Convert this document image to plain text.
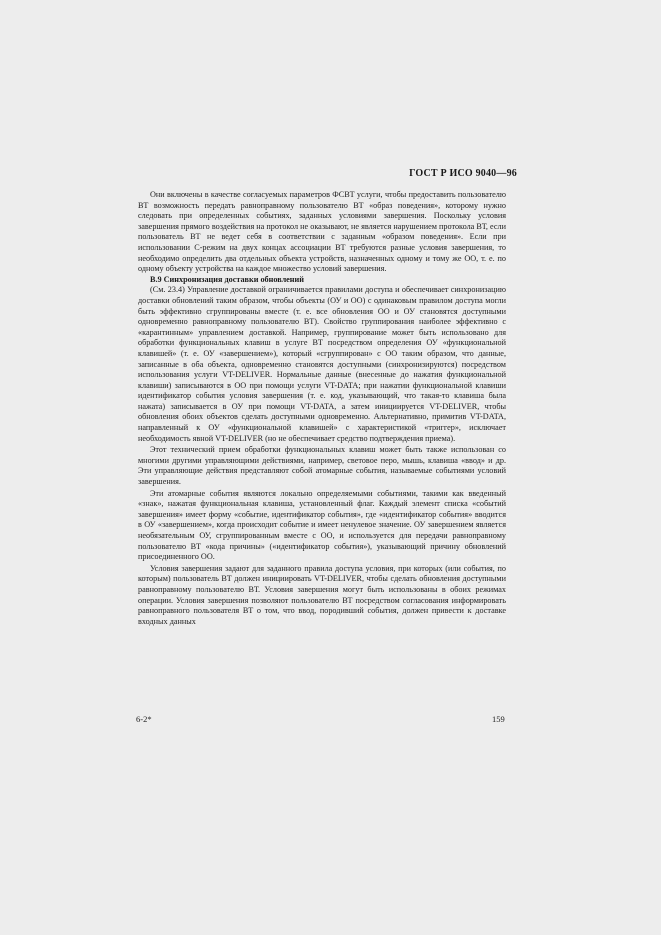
ГОСТ Р ИСО 9040—96

Они включены в качестве согласуемых параметров ФСВТ услуги, чтобы предоставить пользователю ВТ возможность передать равноправному пользователю ВТ «образ поведения», которому нужно следовать при определенных событиях, заданных условиями завершения. Поскольку условия завершения прямого воздействия на протокол не оказывают, не является нарушением протокола ВТ, если пользователь ВТ не ведет себя в соответствии с заданным «образом поведения». Если при использовании С-режим на двух концах ассоциации ВТ требуются разные условия завершения, то необходимо определить два отдельных объекта устройств, назначенных одному и тому же ОО, т. е. по одному объекту устройства на каждое множество условий завершения.

В.9 Синхронизация доставки обновлений

(См. 23.4) Управление доставкой ограничивается правилами доступа и обеспечивает синхронизацию доставки обновлений таким образом, чтобы объекты (ОУ и ОО) с одинаковым правилом доступа могли быть эффективно сгруппированы вместе (т. е. все обновления ОО и ОУ становятся доступными одновременно равноправному пользователю ВТ). Свойство группирования наиболее эффективно с «карантинным» управлением доставкой. Например, группирование может быть использовано для обработки функциональных клавиш в услуге ВТ посредством определения ОУ «функциональной клавишей» (т. е. ОУ «завершением»), который «сгруппирован» с ОО таким образом, что данные, записанные в оба объекта, одновременно становятся доступными (синхронизируются) посредством использования услуги VT-DELIVER. Нормальные данные (внесенные до нажатия функциональной клавиши) записываются в ОО при помощи услуги VT-DATA; при нажатии функциональной клавиши идентификатор события условия завершения (т. е. код, указывающий, что такая-то клавиша была нажата) записывается в ОУ при помощи VT-DATA, а затем инициируется VT-DELIVER, чтобы обновления обоих объектов сделать доступными одновременно. Альтернативно, примитив VT-DATA, направленный к ОУ «функциональной клавишей» с характеристикой «триггер», исключает необходимость явной VT-DELIVER (но не обеспечивает средство подтверждения приема).

Этот технический прием обработки функциональных клавиш может быть также использован со многими другими управляющими действиями, например, световое перо, мышь, клавиша «ввод» и др. Эти управляющие действия представляют собой атомарные события, называемые событиями условий завершения.

Эти атомарные события являются локально определяемыми событиями, такими как введенный «знак», нажатая функциональная клавиша, установленный флаг. Каждый элемент списка «событий завершения» имеет форму «событие, идентификатор события», где «идентификатор события» вводится в ОУ «завершением», когда происходит событие и имеет ненулевое значение. ОУ завершением является необязательным ОУ, сгруппированным вместе с ОО, и используется для передачи равноправному пользователю ВТ «кода причины» («идентификатор события»), указывающий причину обновлений присоединенного ОО.

Условия завершения задают для заданного правила доступа условия, при которых (или события, по которым) пользователь ВТ должен инициировать VT-DELIVER, чтобы сделать обновления доступными равноправному пользователю ВТ. Условия завершения могут быть использованы в обоих режимах операции. Условия завершения позволяют пользователю ВТ посредством согласования информировать равноправного пользователя ВТ о том, что ввод, породивший события, должен привести к доставке входных данных

6-2*	159
